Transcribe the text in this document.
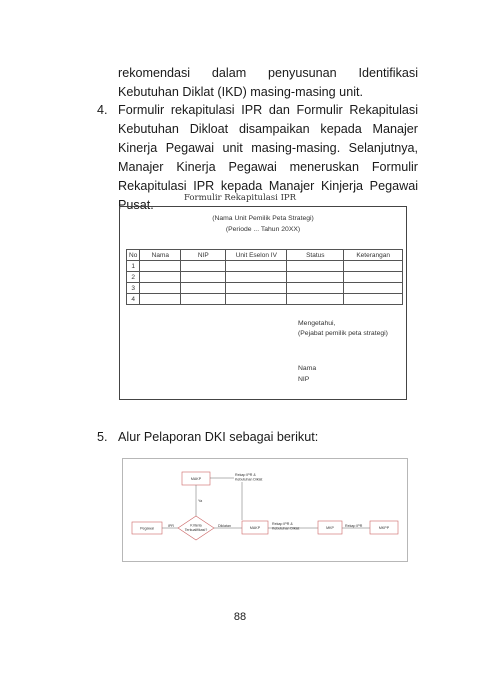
rekomendasi dalam penyusunan Identifikasi
Kebutuhan Diklat (IKD) masing-masing unit.
4. Formulir rekapitulasi IPR dan Formulir Rekapitulasi
Kebutuhan Dikloat disampaikan kepada Manajer
Kinerja Pegawai unit masing-masing. Selanjutnya,
Manajer Kinerja Pegawai meneruskan Formulir
Rekapitulasi IPR kepada Manajer Kinjerja Pegawai
Pusat.	Formulir Rekapitulasi IPR
(Nama Unit Pemilik Peta Strategi)
(Periode ... Tahun 20XX)
No	Nama	NIP	Unit Eselon IV	Status	Keterangan
1					
2					
3					
4					
Mengetahui,
(Pejabat pemilik peta strategi)
Nama
NIP
5. Alur Pelaporan DKI sebagai berikut:
MAKP
Rekap IPR &
Kebutuhan Diklat
Ya
Pegawai
IPR	Kriteria
Terkualifikasi?
Diklatan	MAKP
Rekap IPR &
Kebutuhan Diklat	MKP	Rekap IPR	MKPP
88
